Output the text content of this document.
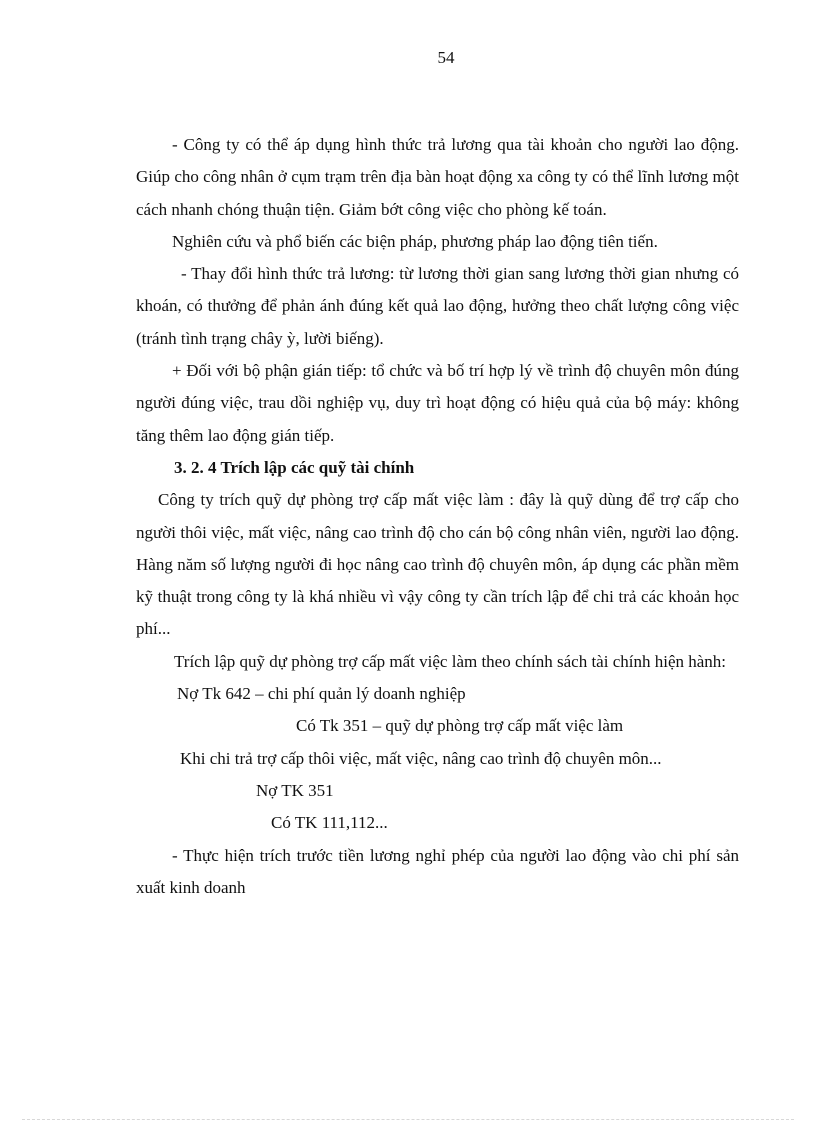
54

- Công ty có thể áp dụng hình thức trả lương qua tài khoản cho người lao động. Giúp cho công nhân ở cụm trạm trên địa bàn hoạt động xa công ty có thể lĩnh lương một cách nhanh chóng thuận tiện. Giảm bớt công việc cho phòng kế toán.

Nghiên cứu và phổ biến các biện pháp, phương pháp lao động tiên tiến.

- Thay đổi hình thức trả lương: từ lương thời gian sang lương thời gian nhưng có khoán, có thưởng để phản ánh đúng kết quả lao động, hưởng theo chất lượng công việc (tránh tình trạng chây ỳ, lười biếng).

+ Đối với bộ phận gián tiếp: tổ chức và bố trí hợp lý về trình độ chuyên môn đúng người đúng việc, trau dồi nghiệp vụ, duy trì hoạt động có hiệu quả của bộ máy: không tăng thêm lao động gián tiếp.

3. 2. 4 Trích lập các quỹ tài chính

Công ty trích quỹ dự phòng trợ cấp mất việc làm : đây là quỹ dùng để trợ cấp cho người thôi việc, mất việc, nâng cao trình độ cho cán bộ công nhân viên, người lao động. Hàng năm số lượng người đi học nâng cao trình độ chuyên môn, áp dụng các phần mềm kỹ thuật trong công ty là khá nhiều vì vậy công ty cần trích lập để chi trả các khoản học phí...

Trích lập quỹ dự phòng trợ cấp mất việc làm theo chính sách tài chính hiện hành:

Nợ Tk 642 – chi phí quản lý doanh nghiệp

Có Tk 351 – quỹ dự phòng trợ cấp mất việc làm

Khi chi trả trợ cấp thôi việc, mất việc, nâng cao trình độ chuyên môn...

Nợ TK 351

Có TK 111,112...

- Thực hiện trích trước tiền lương nghỉ phép của người lao động vào chi phí sản xuất kinh doanh
